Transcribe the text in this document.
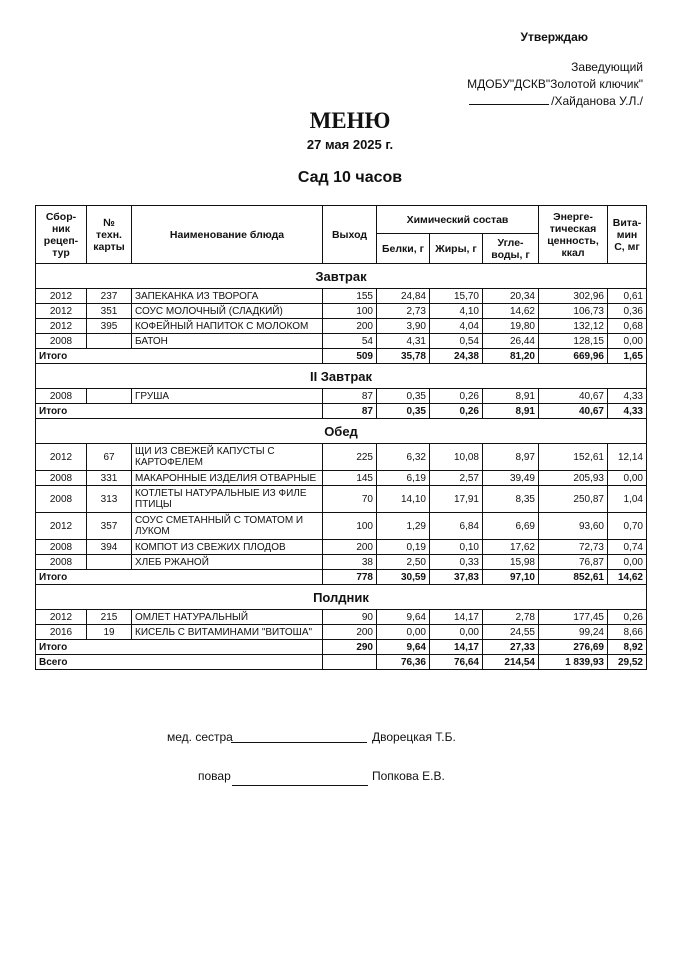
Утверждаю
Заведующий
МДОБУ"ДСКВ"Золотой ключик"
/Хайданова У.Л./
МЕНЮ
27 мая 2025 г.
Сад 10 часов
Сбор-ник рецеп-тур	№ техн. карты	Наименование блюда	Выход	Химический состав			Энерге-тическая ценность, ккал	Вита-мин С, мг
				Белки, г	Жиры, г	Угле-воды, г		
Завтрак								
2012	237	ЗАПЕКАНКА ИЗ ТВОРОГА	155	24,84	15,70	20,34	302,96	0,61
2012	351	СОУС МОЛОЧНЫЙ (СЛАДКИЙ)	100	2,73	4,10	14,62	106,73	0,36
2012	395	КОФЕЙНЫЙ НАПИТОК С МОЛОКОМ	200	3,90	4,04	19,80	132,12	0,68
2008		БАТОН	54	4,31	0,54	26,44	128,15	0,00
Итого			509	35,78	24,38	81,20	669,96	1,65
II Завтрак								
2008		ГРУША	87	0,35	0,26	8,91	40,67	4,33
Итого			87	0,35	0,26	8,91	40,67	4,33
Обед								
2012	67	ЩИ ИЗ СВЕЖЕЙ КАПУСТЫ С КАРТОФЕЛЕМ	225	6,32	10,08	8,97	152,61	12,14
2008	331	МАКАРОННЫЕ ИЗДЕЛИЯ ОТВАРНЫЕ	145	6,19	2,57	39,49	205,93	0,00
2008	313	КОТЛЕТЫ НАТУРАЛЬНЫЕ ИЗ ФИЛЕ ПТИЦЫ	70	14,10	17,91	8,35	250,87	1,04
2012	357	СОУС СМЕТАННЫЙ С ТОМАТОМ И ЛУКОМ	100	1,29	6,84	6,69	93,60	0,70
2008	394	КОМПОТ ИЗ СВЕЖИХ ПЛОДОВ	200	0,19	0,10	17,62	72,73	0,74
2008		ХЛЕБ РЖАНОЙ	38	2,50	0,33	15,98	76,87	0,00
Итого			778	30,59	37,83	97,10	852,61	14,62
Полдник								
2012	215	ОМЛЕТ НАТУРАЛЬНЫЙ	90	9,64	14,17	2,78	177,45	0,26
2016	19	КИСЕЛЬ С ВИТАМИНАМИ "ВИТОША"	200	0,00	0,00	24,55	99,24	8,66
Итого			290	9,64	14,17	27,33	276,69	8,92
Всего				76,36	76,64	214,54	1 839,93	29,52
мед. сестра	Дворецкая Т.Б.
повар	Попкова Е.В.
